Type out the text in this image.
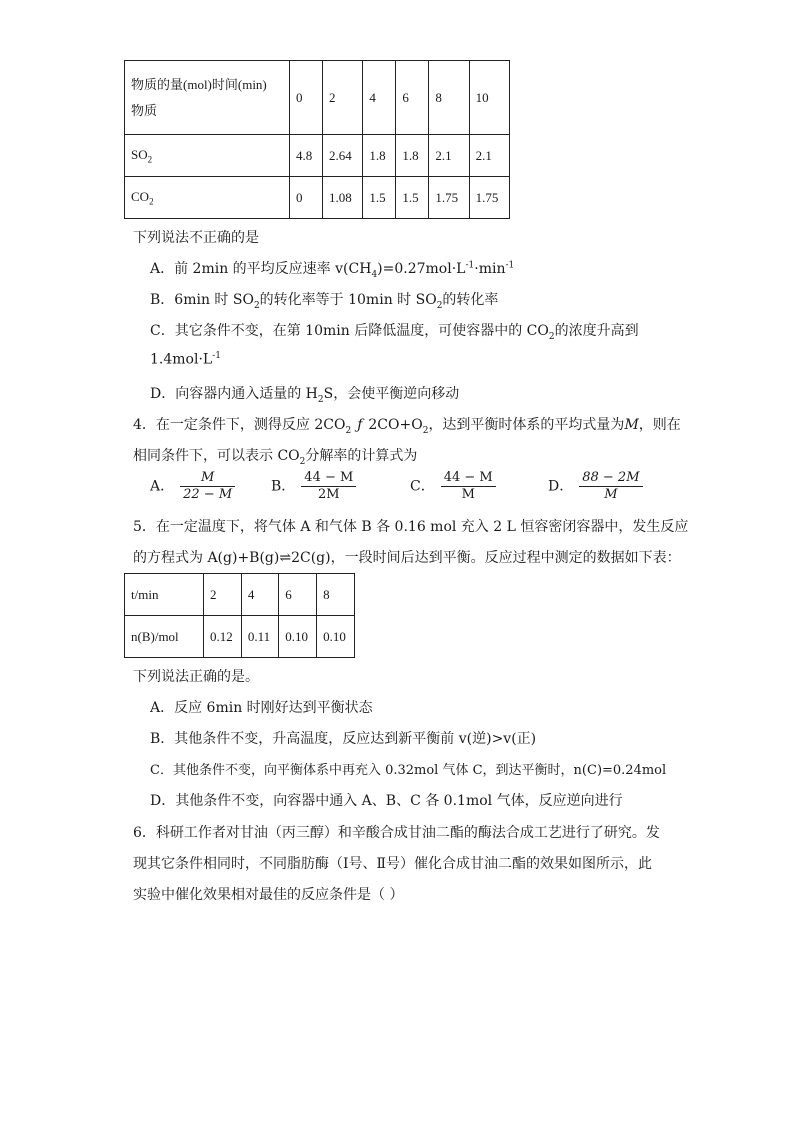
物质的量(mol)时间(min)
物质	0	2	4	6	8	10
$SO_2$	4.8	2.64	1.8	1.8	2.1	2.1
$CO_2$	0	1.08	1.5	1.5	1.75	1.75
下列说法不正确的是
A．前 2min 的平均反应速率 $v(CH_4)=0.27mol\cdot L^{-1}\cdot\min^{-1}$
B．6min 时 $SO_2$的转化率等于 10min 时 $SO_2$的转化率
C．其它条件不变，在第 10min 后降低温度，可使容器中的 $CO_2$的浓度升高到
$1.4mol\cdot L^{-1}$
D．向容器内通入适量的 $H_2S$，会使平衡逆向移动
4．在一定条件下，测得反应 $2CO_2$ ƒ $2CO+O_2$，达到平衡时体系的平均式量为M，则在
相同条件下，可以表示 $CO_2$分解率的计算式为
A． $\frac{M}{22 - M}$	B． $\frac{44 - M}{2M}$	C． $\frac{44 - M}{M}$	D． $\frac{88 - 2M}{M}$
5．在一定温度下，将气体 A 和气体 B 各 0.16 mol 充入 2 L 恒容密闭容器中，发生反应
的方程式为 A(g)+B(g)⇌2C(g)，一段时间后达到平衡。反应过程中测定的数据如下表：
t/min	2	4	6	8
n(B)/mol	0.12	0.11	0.10	0.10
下列说法正确的是。
A．反应 6min 时刚好达到平衡状态
B．其他条件不变，升高温度，反应达到新平衡前 v(逆)>v(正)
C．其他条件不变，向平衡体系中再充入 0.32mol 气体 C，到达平衡时，n(C)=0.24mol
D．其他条件不变，向容器中通入 A、B、C 各 0.1mol 气体，反应逆向进行
6．科研工作者对甘油（丙三醇）和辛酸合成甘油二酯的酶法合成工艺进行了研究。发
现其它条件相同时，不同脂肪酶（Ⅰ号、Ⅱ号）催化合成甘油二酯的效果如图所示，此
实验中催化效果相对最佳的反应条件是（ ）
